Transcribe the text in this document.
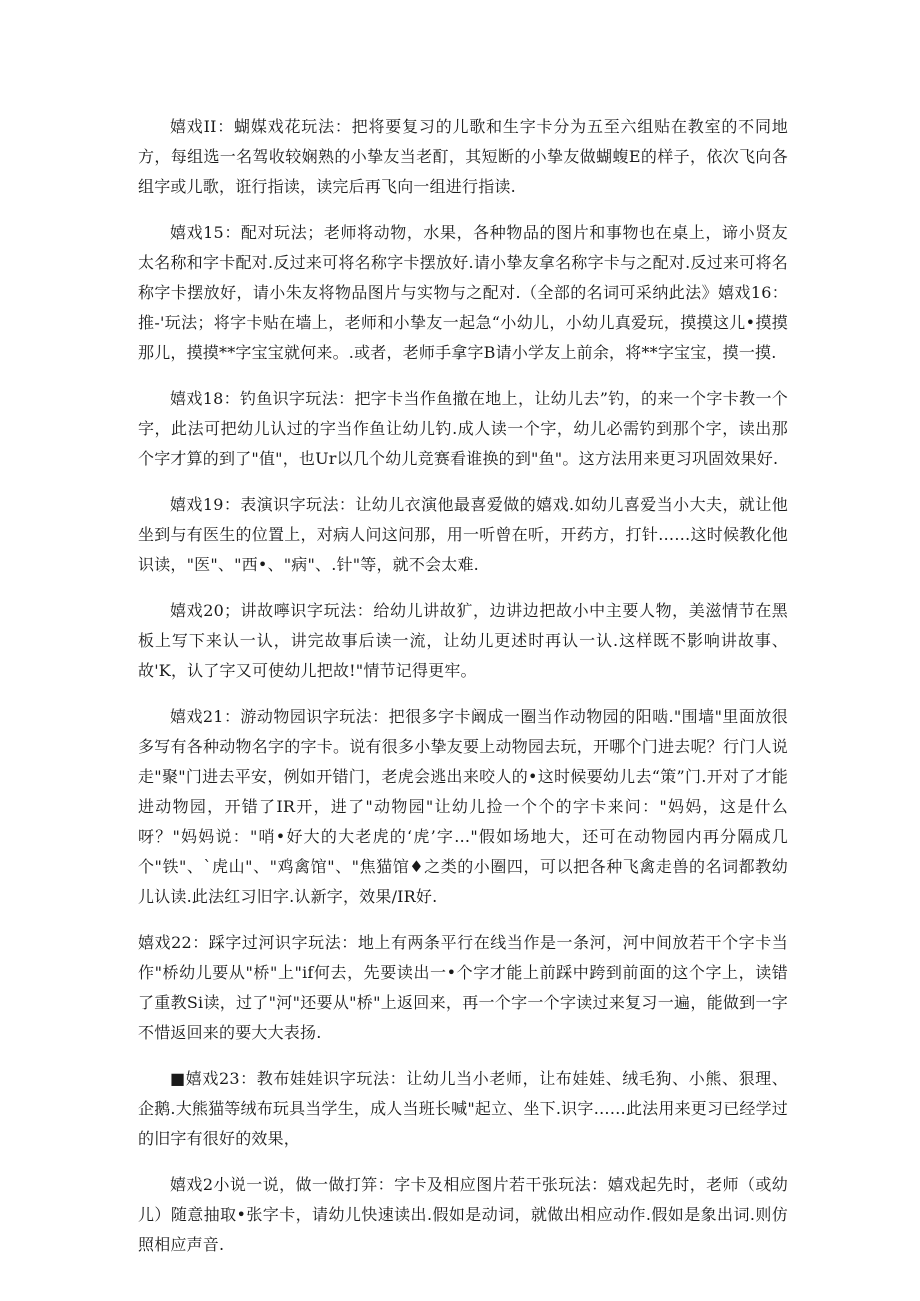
嬉戏II：蝴媒戏花玩法：把将要复习的儿歌和生字卡分为五至六组贴在教室的不同地方，每组选一名驾收较娴熟的小挚友当老酊，其短断的小挚友做蝴蝮E的样子，依次飞向各组字或儿歌，诳行指读，读完后再飞向一组进行指读.

嬉戏15：配对玩法；老师将动物，水果，各种物品的图片和事物也在桌上，谛小贤友太名称和字卡配对.反过来可将名称字卡摆放好.请小挚友拿名称字卡与之配对.反过来可将名称字卡摆放好，请小朱友将物品图片与实物与之配对.（全部的名词可采纳此法》嬉戏16：推-'玩法；将字卡贴在墙上，老师和小挚友一起急“小幼儿，小幼儿真爱玩，摸摸这儿•摸摸那儿，摸摸**字宝宝就何来。.或者，老师手拿字B请小学友上前余，将**字宝宝，摸一摸.

嬉戏18：钓鱼识字玩法：把字卡当作鱼撤在地上，让幼儿去”钓，的来一个字卡教一个字，此法可把幼儿认过的字当作鱼让幼儿钓.成人读一个字，幼儿必需钓到那个字，读出那个字才算的到了"值"，也Ur以几个幼儿竞赛看谁换的到"鱼"。这方法用来更习巩固效果好.

嬉戏19：表演识字玩法：让幼儿衣演他最喜爱做的嬉戏.如幼儿喜爱当小大夫，就让他坐到与有医生的位置上，对病人问这问那，用一听曾在听，开药方，打针……这时候教化他识读，"医"、"西•、"病"、.针"等，就不会太难.

嬉戏20；讲故嚀识字玩法：给幼儿讲故犷，边讲边把故小中主要人物，美滋情节在黑板上写下来认一认，讲完故事后读一流，让幼儿更述时再认一认.这样既不影响讲故事、故'K，认了字又可使幼儿把故!"情节记得更牢。

嬉戏21：游动物园识字玩法：把很多字卡阚成一圈当作动物园的阳啮."围墙"里面放很多写有各种动物名字的字卡。说有很多小挚友要上动物园去玩，开哪个门进去呢？行门人说走"聚"门进去平安，例如开错门，老虎会逃出来咬人的•这时候要幼儿去“策”门.开对了才能进动物园，开错了IR开，进了"动物园"让幼儿捡一个个的字卡来问："妈妈，这是什么呀？"妈妈说："哨•好大的大老虎的‘虎’字…"假如场地大，还可在动物园内再分隔成几个"铁"、`虎山"、"鸡禽馆"、"焦猫馆♦之类的小圈四，可以把各种飞禽走兽的名词都教幼儿认读.此法红习旧字.认新字，效果/IR好.

嬉戏22：踩字过河识字玩法：地上有两条平行在线当作是一条河，河中间放若干个字卡当作"桥幼儿要从"桥"上"if何去，先要读出一•个字才能上前踩中跨到前面的这个字上，读错了重教Si读，过了"河"还要从"桥"上返回来，再一个字一个字读过来复习一遍，能做到一字不惜返回来的要大大表扬.

■嬉戏23：教布娃娃识字玩法：让幼儿当小老师，让布娃娃、绒毛狗、小熊、狠理、企鹅.大熊猫等绒布玩具当学生，成人当班长喊"起立、坐下.识字……此法用来更习已经学过的旧字有很好的效果，

嬉戏2小说一说，做一做打笄：字卡及相应图片若干张玩法：嬉戏起先时，老师（或幼儿）随意抽取•张字卡，请幼儿快速读出.假如是动词，就做出相应动作.假如是象出词.则仿照相应声音.
